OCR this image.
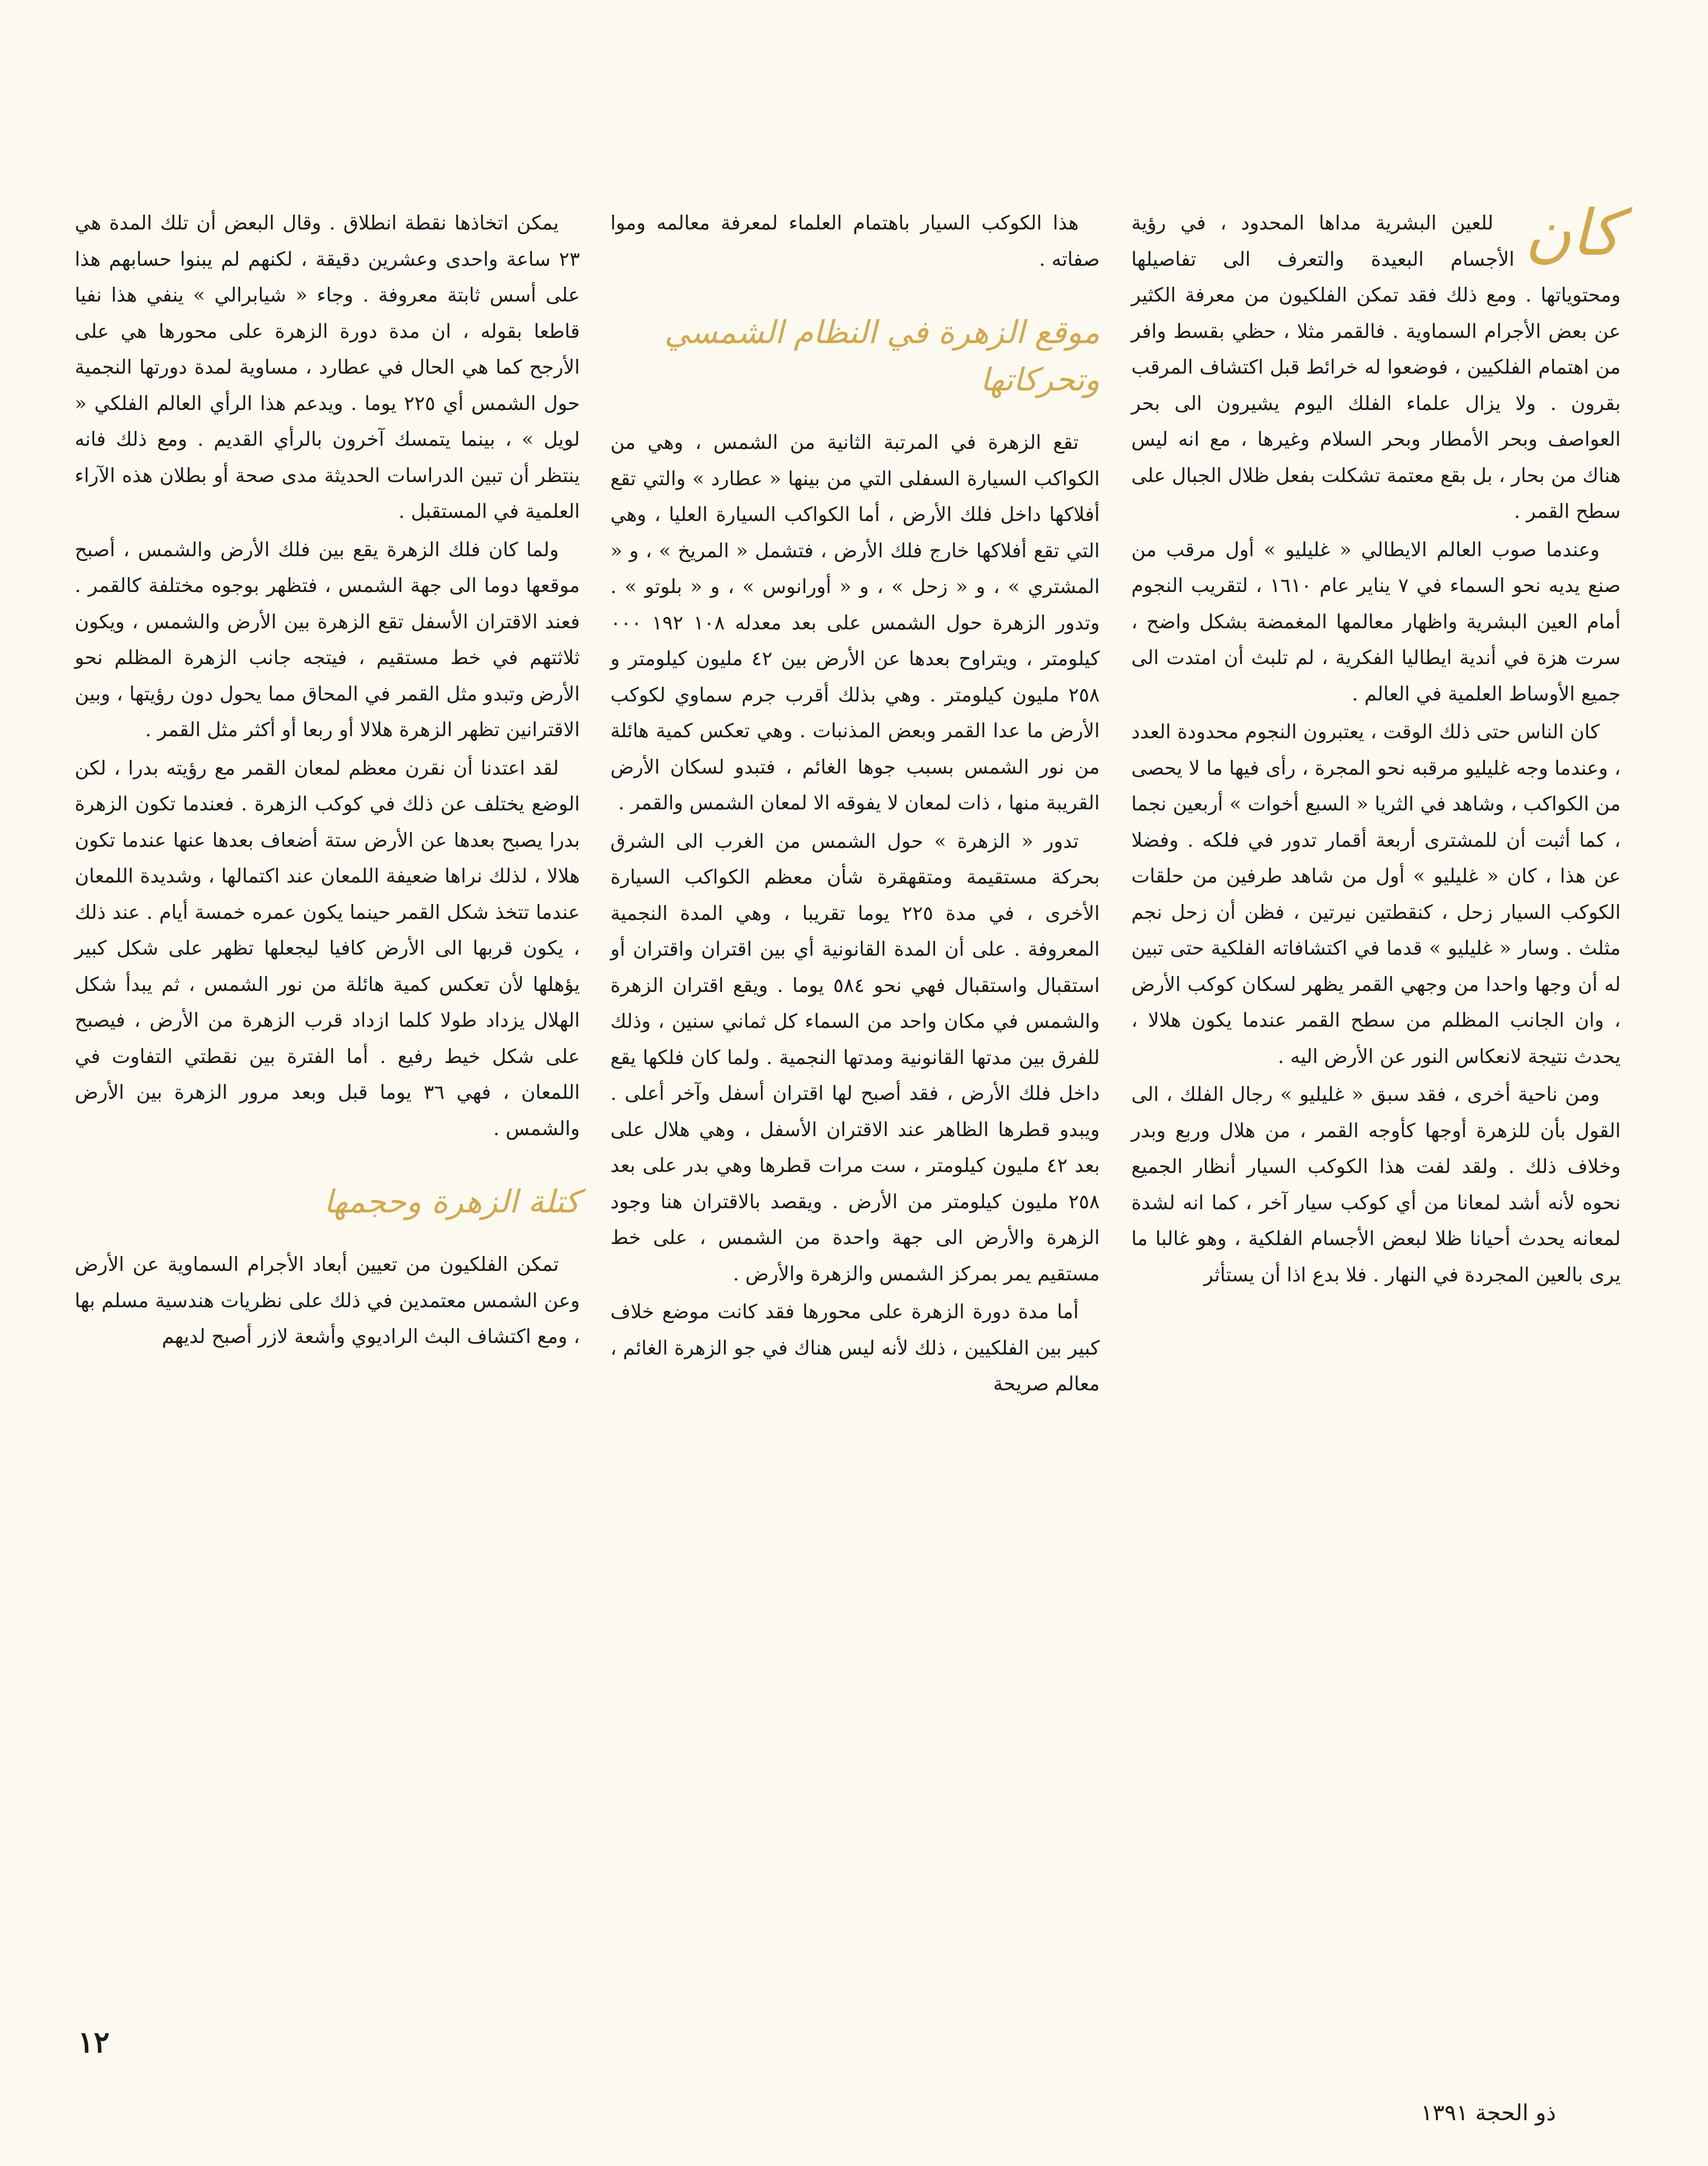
كان

للعين البشرية مداها المحدود ، في رؤية الأجسام البعيدة والتعرف الى تفاصيلها ومحتوياتها . ومع ذلك فقد تمكن الفلكيون من معرفة الكثير عن بعض الأجرام السماوية . فالقمر مثلا ، حظي بقسط وافر من اهتمام الفلكيين ، فوضعوا له خرائط قبل اكتشاف المرقب بقرون . ولا يزال علماء الفلك اليوم يشيرون الى بحر العواصف وبحر الأمطار وبحر السلام وغيرها ، مع انه ليس هناك من بحار ، بل بقع معتمة تشكلت بفعل ظلال الجبال على سطح القمر .

وعندما صوب العالم الايطالي « غليليو » أول مرقب من صنع يديه نحو السماء في ٧ يناير عام ١٦١٠ ، لتقريب النجوم أمام العين البشرية واظهار معالمها المغمضة بشكل واضح ، سرت هزة في أندية ايطاليا الفكرية ، لم تلبث أن امتدت الى جميع الأوساط العلمية في العالم .

كان الناس حتى ذلك الوقت ، يعتبرون النجوم محدودة العدد ، وعندما وجه غليليو مرقبه نحو المجرة ، رأى فيها ما لا يحصى من الكواكب ، وشاهد في الثريا « السبع أخوات » أربعين نجما ، كما أثبت أن للمشترى أربعة أقمار تدور في فلكه . وفضلا عن هذا ، كان « غليليو » أول من شاهد طرفين من حلقات الكوكب السيار زحل ، كنقطتين نيرتين ، فظن أن زحل نجم مثلث . وسار « غليليو » قدما في اكتشافاته الفلكية حتى تبين له أن وجها واحدا من وجهي القمر يظهر لسكان كوكب الأرض ، وان الجانب المظلم من سطح القمر عندما يكون هلالا ، يحدث نتيجة لانعكاس النور عن الأرض اليه .

ومن ناحية أخرى ، فقد سبق « غليليو » رجال الفلك ، الى القول بأن للزهرة أوجها كأوجه القمر ، من هلال وربع وبدر وخلاف ذلك . ولقد لفت هذا الكوكب السيار أنظار الجميع نحوه لأنه أشد لمعانا من أي كوكب سيار آخر ، كما انه لشدة لمعانه يحدث أحيانا ظلا لبعض الأجسام الفلكية ، وهو غالبا ما يرى بالعين المجردة في النهار . فلا بدع اذا أن يستأثر

هذا الكوكب السيار باهتمام العلماء لمعرفة معالمه وموا صفاته .

موقع الزهرة في النظام الشمسي وتحركاتها

تقع الزهرة في المرتبة الثانية من الشمس ، وهي من الكواكب السيارة السفلى التي من بينها « عطارد » والتي تقع أفلاكها داخل فلك الأرض ، أما الكواكب السيارة العليا ، وهي التي تقع أفلاكها خارج فلك الأرض ، فتشمل « المريخ » ، و « المشتري » ، و « زحل » ، و « أورانوس » ، و « بلوتو » . وتدور الزهرة حول الشمس على بعد معدله ١٠٨ ١٩٢ ٠٠٠ كيلومتر ، ويتراوح بعدها عن الأرض بين ٤٢ مليون كيلومتر و ٢٥٨ مليون كيلومتر . وهي بذلك أقرب جرم سماوي لكوكب الأرض ما عدا القمر وبعض المذنبات . وهي تعكس كمية هائلة من نور الشمس بسبب جوها الغائم ، فتبدو لسكان الأرض القريبة منها ، ذات لمعان لا يفوقه الا لمعان الشمس والقمر .

تدور « الزهرة » حول الشمس من الغرب الى الشرق بحركة مستقيمة ومتقهقرة شأن معظم الكواكب السيارة الأخرى ، في مدة ٢٢٥ يوما تقريبا ، وهي المدة النجمية المعروفة . على أن المدة القانونية أي بين اقتران واقتران أو استقبال واستقبال فهي نحو ٥٨٤ يوما . ويقع اقتران الزهرة والشمس في مكان واحد من السماء كل ثماني سنين ، وذلك للفرق بين مدتها القانونية ومدتها النجمية . ولما كان فلكها يقع داخل فلك الأرض ، فقد أصبح لها اقتران أسفل وآخر أعلى . ويبدو قطرها الظاهر عند الاقتران الأسفل ، وهي هلال على بعد ٤٢ مليون كيلومتر ، ست مرات قطرها وهي بدر على بعد ٢٥٨ مليون كيلومتر من الأرض . ويقصد بالاقتران هنا وجود الزهرة والأرض الى جهة واحدة من الشمس ، على خط مستقيم يمر بمركز الشمس والزهرة والأرض .

أما مدة دورة الزهرة على محورها فقد كانت موضع خلاف كبير بين الفلكيين ، ذلك لأنه ليس هناك في جو الزهرة الغائم ، معالم صريحة

يمكن اتخاذها نقطة انطلاق . وقال البعض أن تلك المدة هي ٢٣ ساعة واحدى وعشرين دقيقة ، لكنهم لم يبنوا حسابهم هذا على أسس ثابتة معروفة . وجاء « شيابرالي » ينفي هذا نفيا قاطعا بقوله ، ان مدة دورة الزهرة على محورها هي على الأرجح كما هي الحال في عطارد ، مساوية لمدة دورتها النجمية حول الشمس أي ٢٢٥ يوما . ويدعم هذا الرأي العالم الفلكي « لويل » ، بينما يتمسك آخرون بالرأي القديم . ومع ذلك فانه ينتظر أن تبين الدراسات الحديثة مدى صحة أو بطلان هذه الآراء العلمية في المستقبل .

ولما كان فلك الزهرة يقع بين فلك الأرض والشمس ، أصبح موقعها دوما الى جهة الشمس ، فتظهر بوجوه مختلفة كالقمر . فعند الاقتران الأسفل تقع الزهرة بين الأرض والشمس ، ويكون ثلاثتهم في خط مستقيم ، فيتجه جانب الزهرة المظلم نحو الأرض وتبدو مثل القمر في المحاق مما يحول دون رؤيتها ، وبين الاقترانين تظهر الزهرة هلالا أو ربعا أو أكثر مثل القمر .

لقد اعتدنا أن نقرن معظم لمعان القمر مع رؤيته بدرا ، لكن الوضع يختلف عن ذلك في كوكب الزهرة . فعندما تكون الزهرة بدرا يصبح بعدها عن الأرض ستة أضعاف بعدها عنها عندما تكون هلالا ، لذلك نراها ضعيفة اللمعان عند اكتمالها ، وشديدة اللمعان عندما تتخذ شكل القمر حينما يكون عمره خمسة أيام . عند ذلك ، يكون قربها الى الأرض كافيا ليجعلها تظهر على شكل كبير يؤهلها لأن تعكس كمية هائلة من نور الشمس ، ثم يبدأ شكل الهلال يزداد طولا كلما ازداد قرب الزهرة من الأرض ، فيصبح على شكل خيط رفيع . أما الفترة بين نقطتي التفاوت في اللمعان ، فهي ٣٦ يوما قبل وبعد مرور الزهرة بين الأرض والشمس .

كتلة الزهرة وحجمها

تمكن الفلكيون من تعيين أبعاد الأجرام السماوية عن الأرض وعن الشمس معتمدين في ذلك على نظريات هندسية مسلم بها ، ومع اكتشاف البث الراديوي وأشعة لازر أصبح لديهم

١٢
ذو الحجة ١٣٩١
